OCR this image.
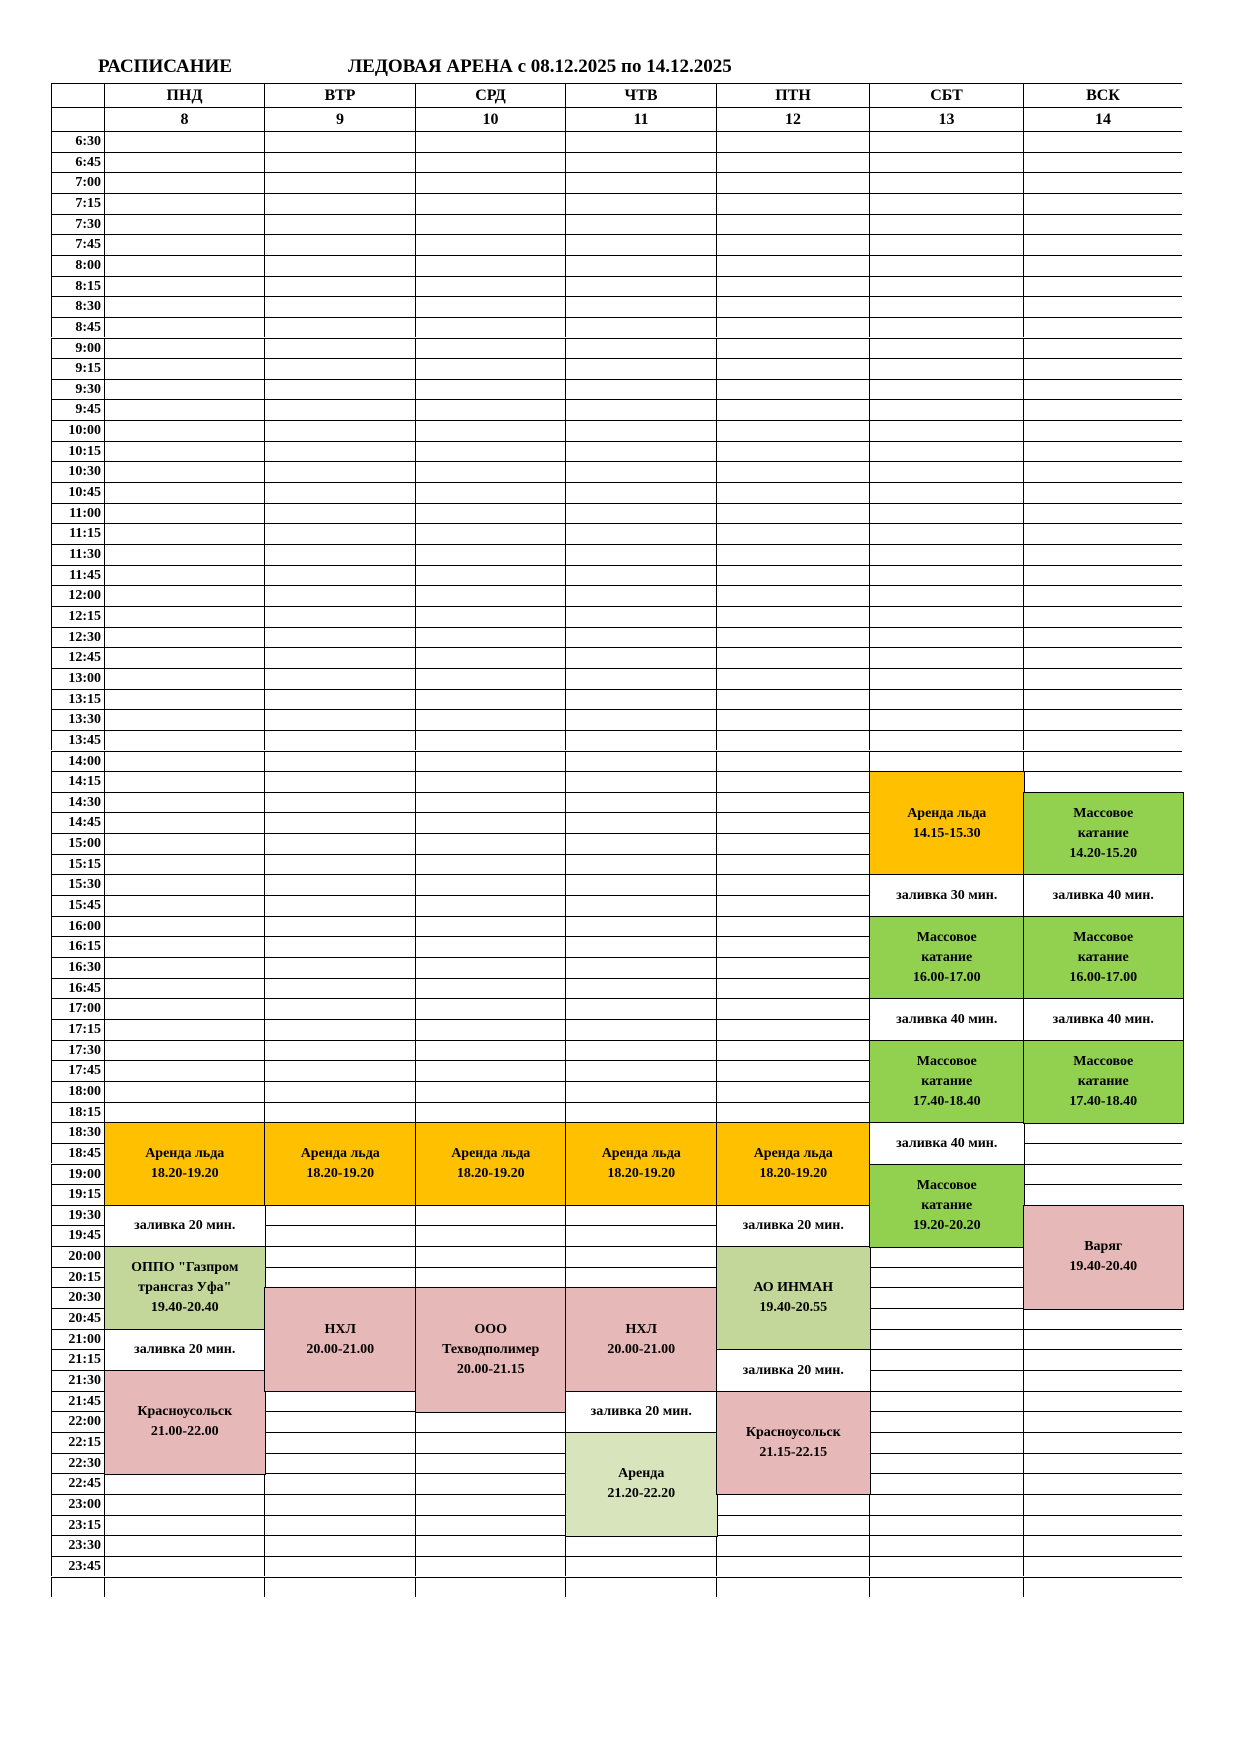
РАСПИСАНИЕ	ЛЕДОВАЯ АРЕНА с 08.12.2025 по 14.12.2025
ПНД
8
ВТР
9
СРД
10
ЧТВ
11
ПТН
12
СБТ
13
ВСК
14
6:30
6:45
7:00
7:15
7:30
7:45
8:00
8:15
8:30
8:45
9:00
9:15
9:30
9:45
10:00
10:15
10:30
10:45
11:00
11:15
11:30
11:45
12:00
12:15
12:30
12:45
13:00
13:15
13:30
13:45
14:00
14:15
14:30
14:45
15:00
15:15
15:30
15:45
16:00
16:15
16:30
16:45
17:00
17:15
17:30
17:45
18:00
18:15
18:30
18:45
19:00
19:15
19:30
19:45
20:00
20:15
20:30
20:45
21:00
21:15
21:30
21:45
22:00
22:15
22:30
22:45
23:00
23:15
23:30
23:45
Аренда льда
18.20-19.20
заливка 20 мин.
ОППО "Газпром
трансгаз Уфа"
19.40-20.40
заливка 20 мин.
Красноусольск
21.00-22.00
Аренда льда
18.20-19.20
НХЛ
20.00-21.00
Аренда льда
18.20-19.20
ООО
Техводполимер
20.00-21.15
Аренда льда
18.20-19.20
НХЛ
20.00-21.00
заливка 20 мин.
Аренда
21.20-22.20
Аренда льда
18.20-19.20
заливка 20 мин.
АО ИНМАН
19.40-20.55
заливка 20 мин.
Красноусольск
21.15-22.15
Аренда льда
14.15-15.30
заливка 30 мин.
Массовое
катание
16.00-17.00
заливка 40 мин.
Массовое
катание
17.40-18.40
заливка 40 мин.
Массовое
катание
19.20-20.20
Массовое
катание
14.20-15.20
заливка 40 мин.
Массовое
катание
16.00-17.00
заливка 40 мин.
Массовое
катание
17.40-18.40
Варяг
19.40-20.40
